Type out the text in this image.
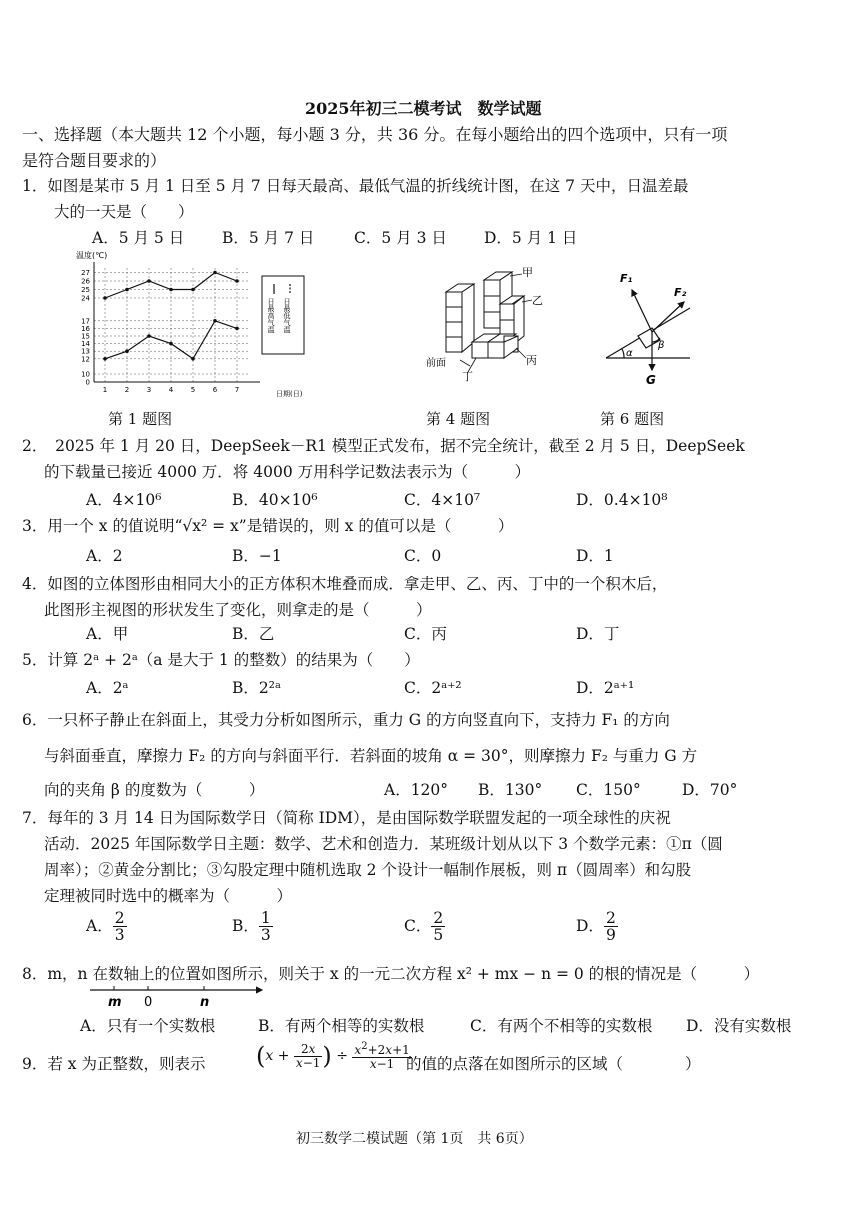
2025年初三二模考试　数学试题
一、选择题（本大题共 12 个小题，每小题 3 分，共 36 分。在每小题给出的四个选项中，只有一项
是符合题目要求的）
1．如图是某市 5 月 1 日至 5 月 7 日每天最高、最低气温的折线统计图，在这 7 天中，日温差最
大的一天是（　　）
A．5 月 5 日 B．5 月 7 日	C．5 月 3 日 D．5 月 1 日
温度(℃)
日期(日)
0
10
12
13
14
15
16
17
24
25
26
27
1	2	3	4	5	6	7
日最高气温 日最低气温
第 1 题图
甲
乙
丙
丁
前面
第 4 题图
F₁
F₂
β
α
G
第 6 题图
2．　2025 年 1 月 20 日，DeepSeek－R1 模型正式发布，据不完全统计，截至 2 月 5 日，DeepSeek
的下载量已接近 4000 万．将 4000 万用科学记数法表示为（　　　）
A．4×10⁶	B．40×10⁶	C．4×10⁷	D．0.4×10⁸
3．用一个 x 的值说明“√x² = x”是错误的，则 x 的值可以是（　　　）
A．2	B．−1	C．0	D．1
4．如图的立体图形由相同大小的正方体积木堆叠而成．拿走甲、乙、丙、丁中的一个积木后，
此图形主视图的形状发生了变化，则拿走的是（　　　）
A．甲	B．乙	C．丙	D．丁
5．计算 2ᵃ + 2ᵃ（a 是大于 1 的整数）的结果为（　　）
A．2ᵃ	B．2²ᵃ	C．2ᵃ⁺²	D．2ᵃ⁺¹
6．一只杯子静止在斜面上，其受力分析如图所示，重力 G 的方向竖直向下，支持力 F₁ 的方向
与斜面垂直，摩擦力 F₂ 的方向与斜面平行．若斜面的坡角 α = 30°，则摩擦力 F₂ 与重力 G 方
向的夹角 β 的度数为（　　　）	A．120° B．130° C．150°	D．70°
7．每年的 3 月 14 日为国际数学日（简称 IDM），是由国际数学联盟发起的一项全球性的庆祝
活动．2025 年国际数学日主题：数学、艺术和创造力．某班级计划从以下 3 个数学元素：①π（圆
周率）；②黄金分割比；③勾股定理中随机选取 2 个设计一幅制作展板，则 π（圆周率）和勾股
定理被同时选中的概率为（　　　）
A． $\frac{2}{3}$	B． $\frac{1}{3}$	C． $\frac{2}{5}$	D． $\frac{2}{9}$
8．m，n 在数轴上的位置如图所示，则关于 x 的一元二次方程 x² + mx − n = 0 的根的情况是（　　　）
m 0	n
A．只有一个实数根	B．有两个相等的实数根	C．有两个不相等的实数根 D．没有实数根
9．若 x 为正整数，则表示 ($x + \frac{2x}{x-1}$ ) ÷ $\frac{x^2+2x+1}{x-1}$
的值的点落在如图所示的区域（　　　　）
初三数学二模试题（第 1页　共 6页）
